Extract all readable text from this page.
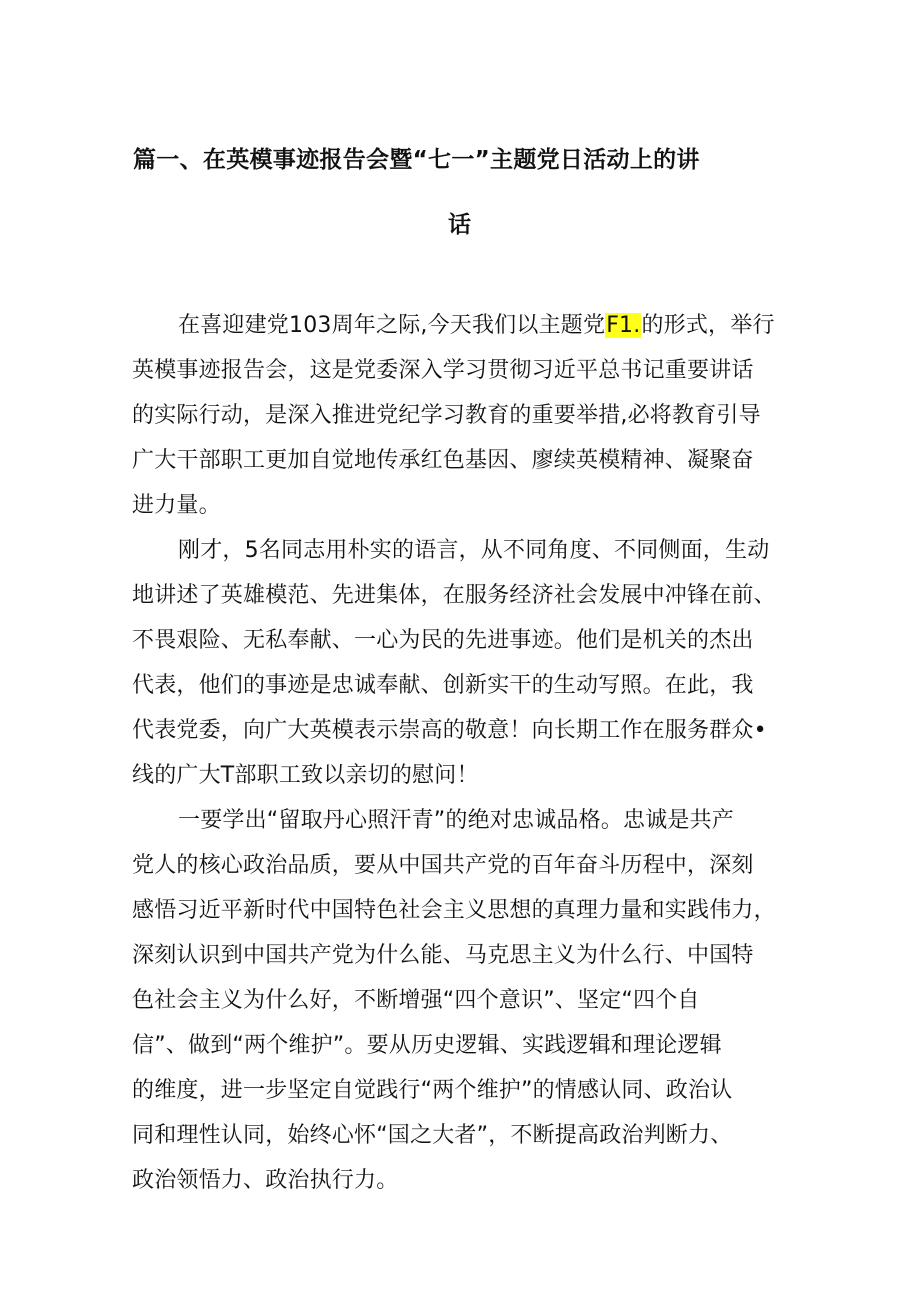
篇一、在英模事迹报告会暨“七一”主题党日活动上的讲
话
在喜迎建党103周年之际,今天我们以主题党F1.的形式，举行
英模事迹报告会，这是党委深入学习贯彻习近平总书记重要讲话
的实际行动，是深入推进党纪学习教育的重要举措,必将教育引导
广大干部职工更加自觉地传承红色基因、廖续英模精神、凝聚奋
进力量。
刚才，5名同志用朴实的语言，从不同角度、不同侧面，生动
地讲述了英雄模范、先进集体，在服务经济社会发展中冲锋在前、
不畏艰险、无私奉献、一心为民的先进事迹。他们是机关的杰出
代表，他们的事迹是忠诚奉献、创新实干的生动写照。在此，我
代表党委，向广大英模表示崇高的敬意！向长期工作在服务群众•
线的广大T部职工致以亲切的慰问！
一要学出“留取丹心照汗青”的绝对忠诚品格。忠诚是共产
党人的核心政治品质，要从中国共产党的百年奋斗历程中，深刻
感悟习近平新时代中国特色社会主义思想的真理力量和实践伟力，
深刻认识到中国共产党为什么能、马克思主义为什么行、中国特
色社会主义为什么好，不断增强“四个意识”、坚定“四个自
信”、做到“两个维护”。要从历史逻辑、实践逻辑和理论逻辑
的维度，进一步坚定自觉践行“两个维护”的情感认同、政治认
同和理性认同，始终心怀“国之大者”，不断提高政治判断力、
政治领悟力、政治执行力。
